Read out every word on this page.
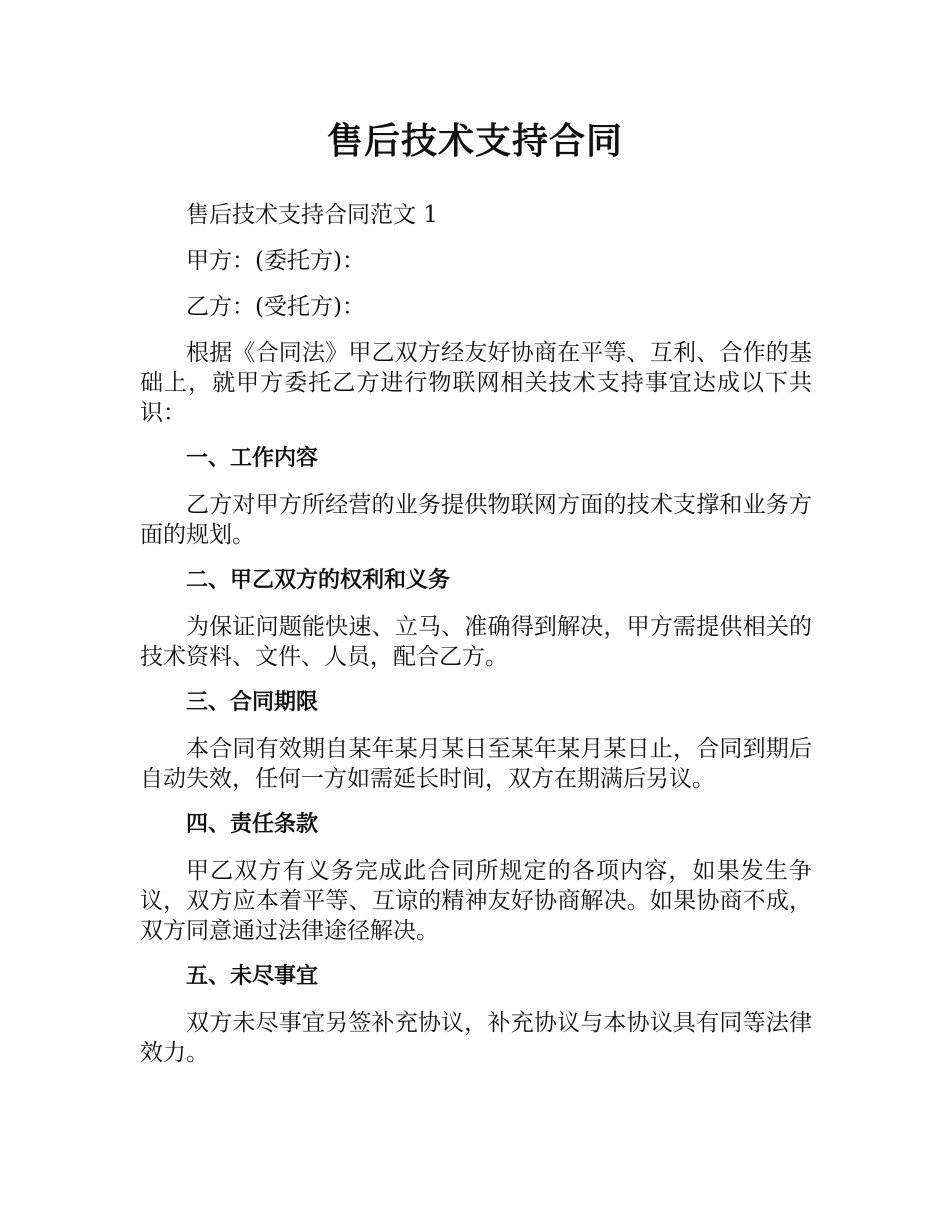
售后技术支持合同

售后技术支持合同范文 1

甲方：(委托方)：

乙方：(受托方)：

根据《合同法》甲乙双方经友好协商在平等、互利、合作的基础上，就甲方委托乙方进行物联网相关技术支持事宜达成以下共识：

一、工作内容

乙方对甲方所经营的业务提供物联网方面的技术支撑和业务方面的规划。

二、甲乙双方的权利和义务

为保证问题能快速、立马、准确得到解决，甲方需提供相关的技术资料、文件、人员，配合乙方。

三、合同期限

本合同有效期自某年某月某日至某年某月某日止，合同到期后自动失效，任何一方如需延长时间，双方在期满后另议。

四、责任条款

甲乙双方有义务完成此合同所规定的各项内容，如果发生争议，双方应本着平等、互谅的精神友好协商解决。如果协商不成，双方同意通过法律途径解决。

五、未尽事宜

双方未尽事宜另签补充协议，补充协议与本协议具有同等法律效力。
